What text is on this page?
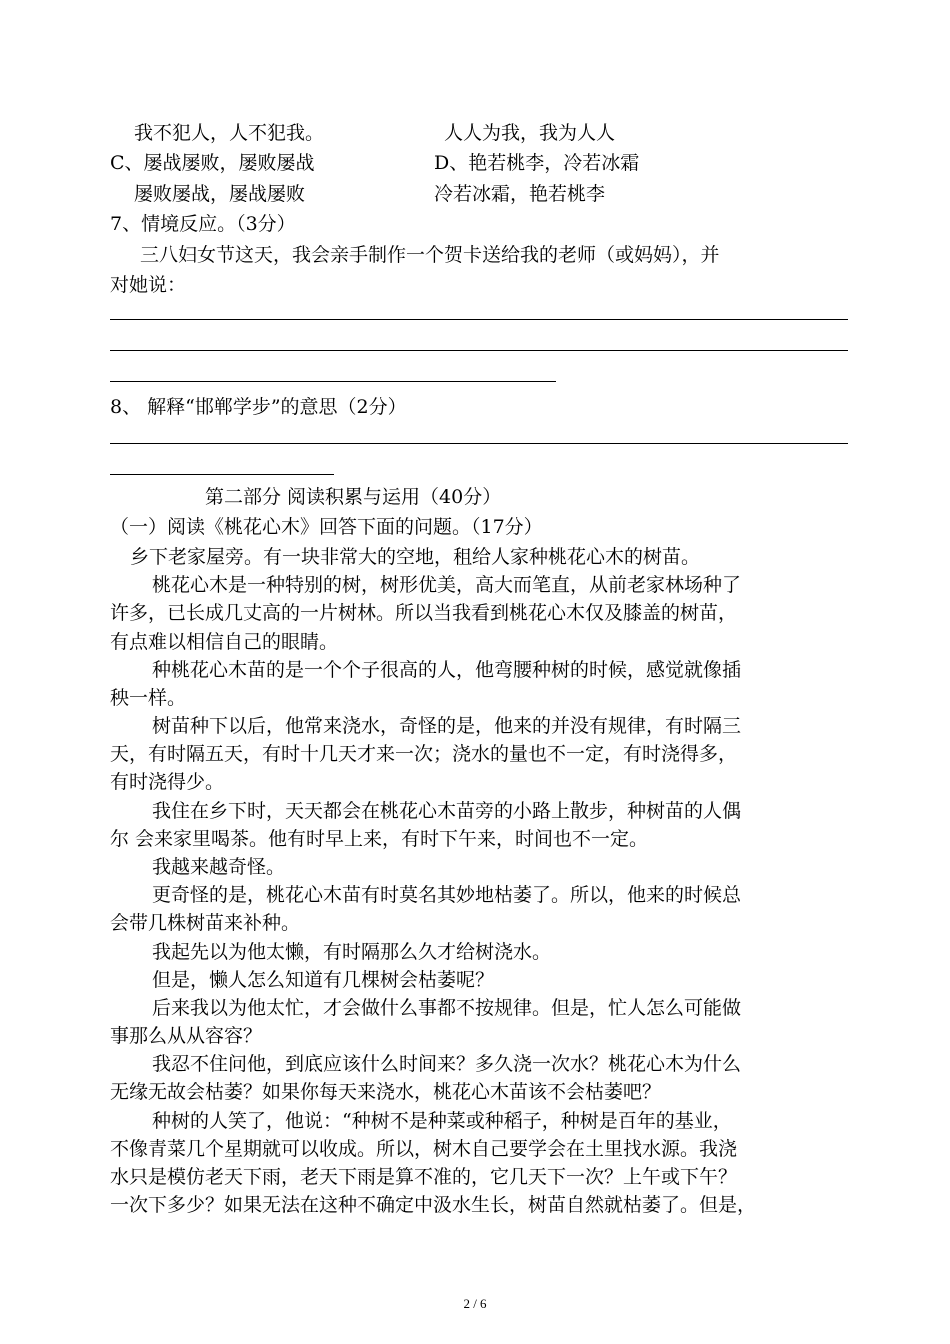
我不犯人，人不犯我。	人人为我，我为人人
C、屡战屡败，屡败屡战	D、艳若桃李，冷若冰霜
屡败屡战，屡战屡败	冷若冰霜，艳若桃李
7、情境反应。（3分）
三八妇女节这天，我会亲手制作一个贺卡送给我的老师（或妈妈），并
对她说：
8、 解释“邯郸学步”的意思（2分）
第二部分 阅读积累与运用（40分）
（一）阅读《桃花心木》回答下面的问题。（17分）
乡下老家屋旁。有一块非常大的空地，租给人家种桃花心木的树苗。
桃花心木是一种特别的树，树形优美，高大而笔直，从前老家林场种了
许多，已长成几丈高的一片树林。所以当我看到桃花心木仅及膝盖的树苗，
有点难以相信自己的眼睛。
种桃花心木苗的是一个个子很高的人，他弯腰种树的时候，感觉就像插
秧一样。
树苗种下以后，他常来浇水，奇怪的是，他来的并没有规律，有时隔三
天，有时隔五天，有时十几天才来一次；浇水的量也不一定，有时浇得多，
有时浇得少。
我住在乡下时，天天都会在桃花心木苗旁的小路上散步，种树苗的人偶
尔 会来家里喝茶。他有时早上来，有时下午来，时间也不一定。
我越来越奇怪。
更奇怪的是，桃花心木苗有时莫名其妙地枯萎了。所以，他来的时候总
会带几株树苗来补种。
我起先以为他太懒，有时隔那么久才给树浇水。
但是，懒人怎么知道有几棵树会枯萎呢？
后来我以为他太忙，才会做什么事都不按规律。但是，忙人怎么可能做
事那么从从容容？
我忍不住问他，到底应该什么时间来？多久浇一次水？桃花心木为什么
无缘无故会枯萎？如果你每天来浇水，桃花心木苗该不会枯萎吧？
种树的人笑了，他说：“种树不是种菜或种稻子，种树是百年的基业，
不像青菜几个星期就可以收成。所以，树木自己要学会在土里找水源。我浇
水只是模仿老天下雨，老天下雨是算不准的，它几天下一次？上午或下午？
一次下多少？如果无法在这种不确定中汲水生长，树苗自然就枯萎了。但是，
2 / 6
